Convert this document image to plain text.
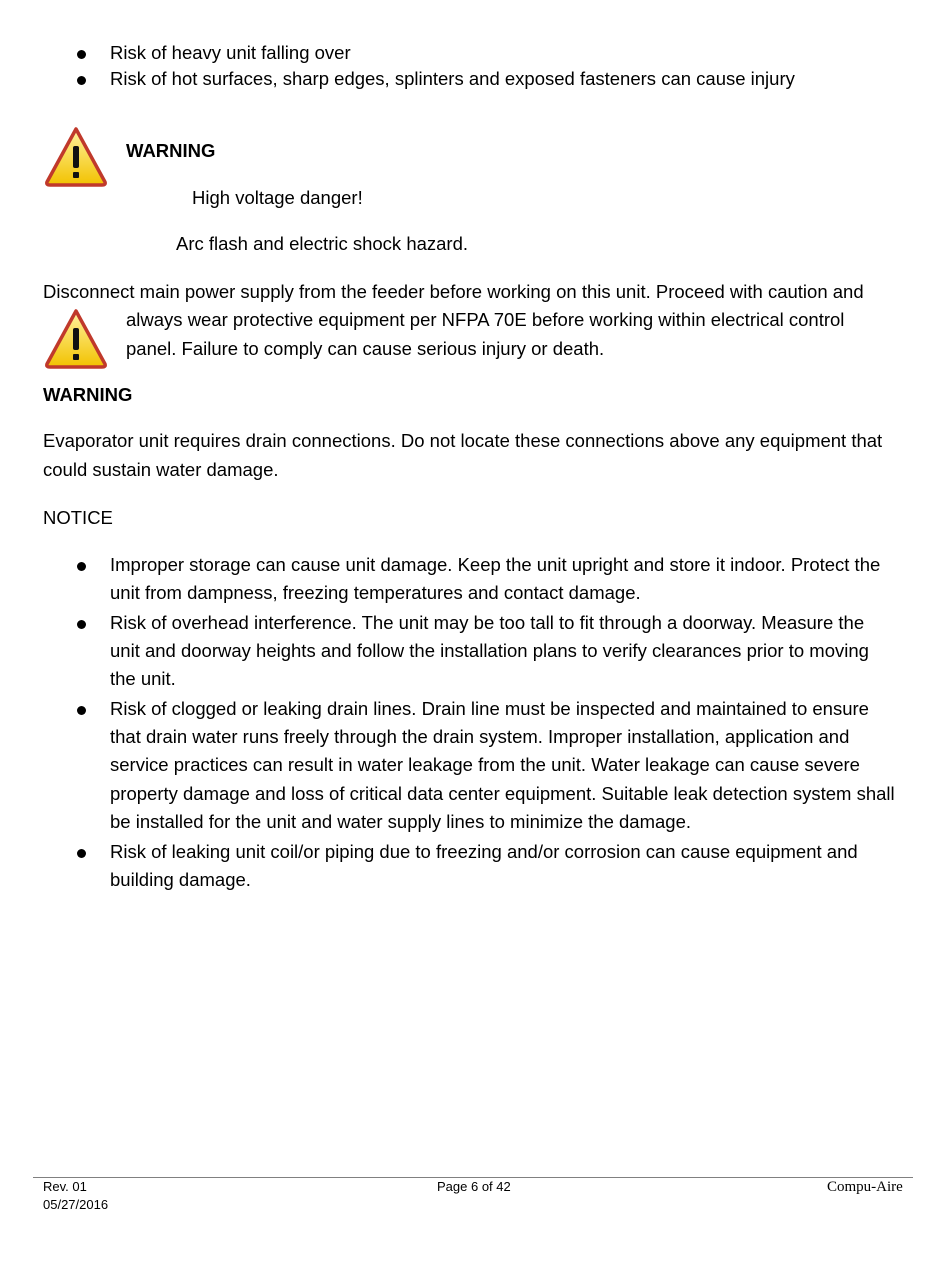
Risk of heavy unit falling over
Risk of hot surfaces, sharp edges, splinters and exposed fasteners can cause injury
WARNING
High voltage danger!
Arc flash and electric shock hazard.
Disconnect main power supply from the feeder before working on this unit. Proceed with caution and
always wear protective equipment per NFPA 70E before working within electrical control
panel. Failure to comply can cause serious injury or death.
WARNING
Evaporator unit requires drain connections. Do not locate these connections above any equipment that
could sustain water damage.
NOTICE
Improper storage can cause unit damage. Keep the unit upright and store it indoor. Protect the
unit from dampness, freezing temperatures and contact damage.
Risk of overhead interference. The unit may be too tall to fit through a doorway. Measure the
unit and doorway heights and follow the installation plans to verify clearances prior to moving
the unit.
Risk of clogged or leaking drain lines. Drain line must be inspected and maintained to ensure
that drain water runs freely through the drain system. Improper installation, application and
service practices can result in water leakage from the unit. Water leakage can cause severe
property damage and loss of critical data center equipment. Suitable leak detection system shall
be installed for the unit and water supply lines to minimize the damage.
Risk of leaking unit coil/or piping due to freezing and/or corrosion can cause equipment and
building damage.
Rev. 01
05/27/2016
Page 6 of 42	Compu-Aire
